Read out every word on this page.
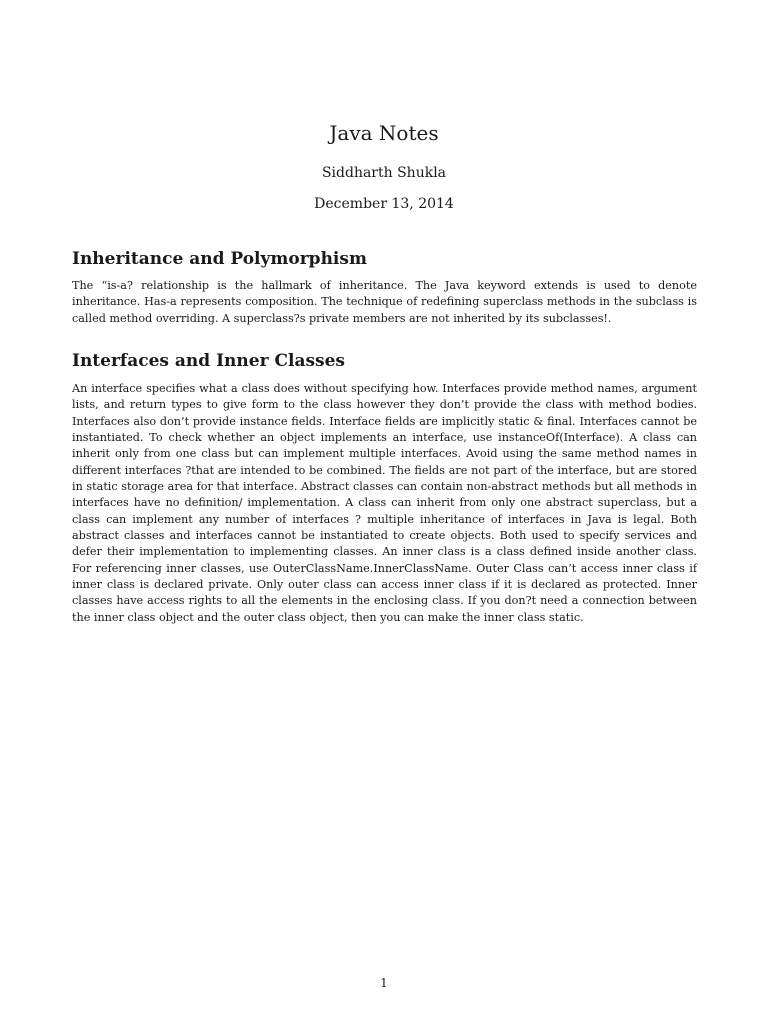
Java Notes
Siddharth Shukla
December 13, 2014
Inheritance and Polymorphism

The “is-a? relationship is the hallmark of inheritance. The Java keyword extends is used to denote inheritance. Has-a represents composition. The technique of redefining superclass methods in the subclass is called method overriding. A superclass?s private members are not inherited by its subclasses!.

Interfaces and Inner Classes

An interface specifies what a class does without specifying how. Interfaces provide method names, argument lists, and return types to give form to the class however they don’t provide the class with method bodies. Interfaces also don’t provide instance fields. Interface fields are implicitly static & final. Interfaces cannot be instantiated. To check whether an object implements an interface, use instanceOf(Interface). A class can inherit only from one class but can implement multiple interfaces. Avoid using the same method names in different interfaces ?that are intended to be combined. The fields are not part of the interface, but are stored in static storage area for that interface. Abstract classes can contain non-abstract methods but all methods in interfaces have no definition/ implementation. A class can inherit from only one abstract superclass, but a class can implement any number of interfaces ? multiple inheritance of interfaces in Java is legal. Both abstract classes and interfaces cannot be instantiated to create objects. Both used to specify services and defer their implementation to implementing classes. An inner class is a class defined inside another class. For referencing inner classes, use OuterClassName.InnerClassName. Outer Class can’t access inner class if inner class is declared private. Only outer class can access inner class if it is declared as protected. Inner classes have access rights to all the elements in the enclosing class. If you don?t need a connection between the inner class object and the outer class object, then you can make the inner class static.

1
